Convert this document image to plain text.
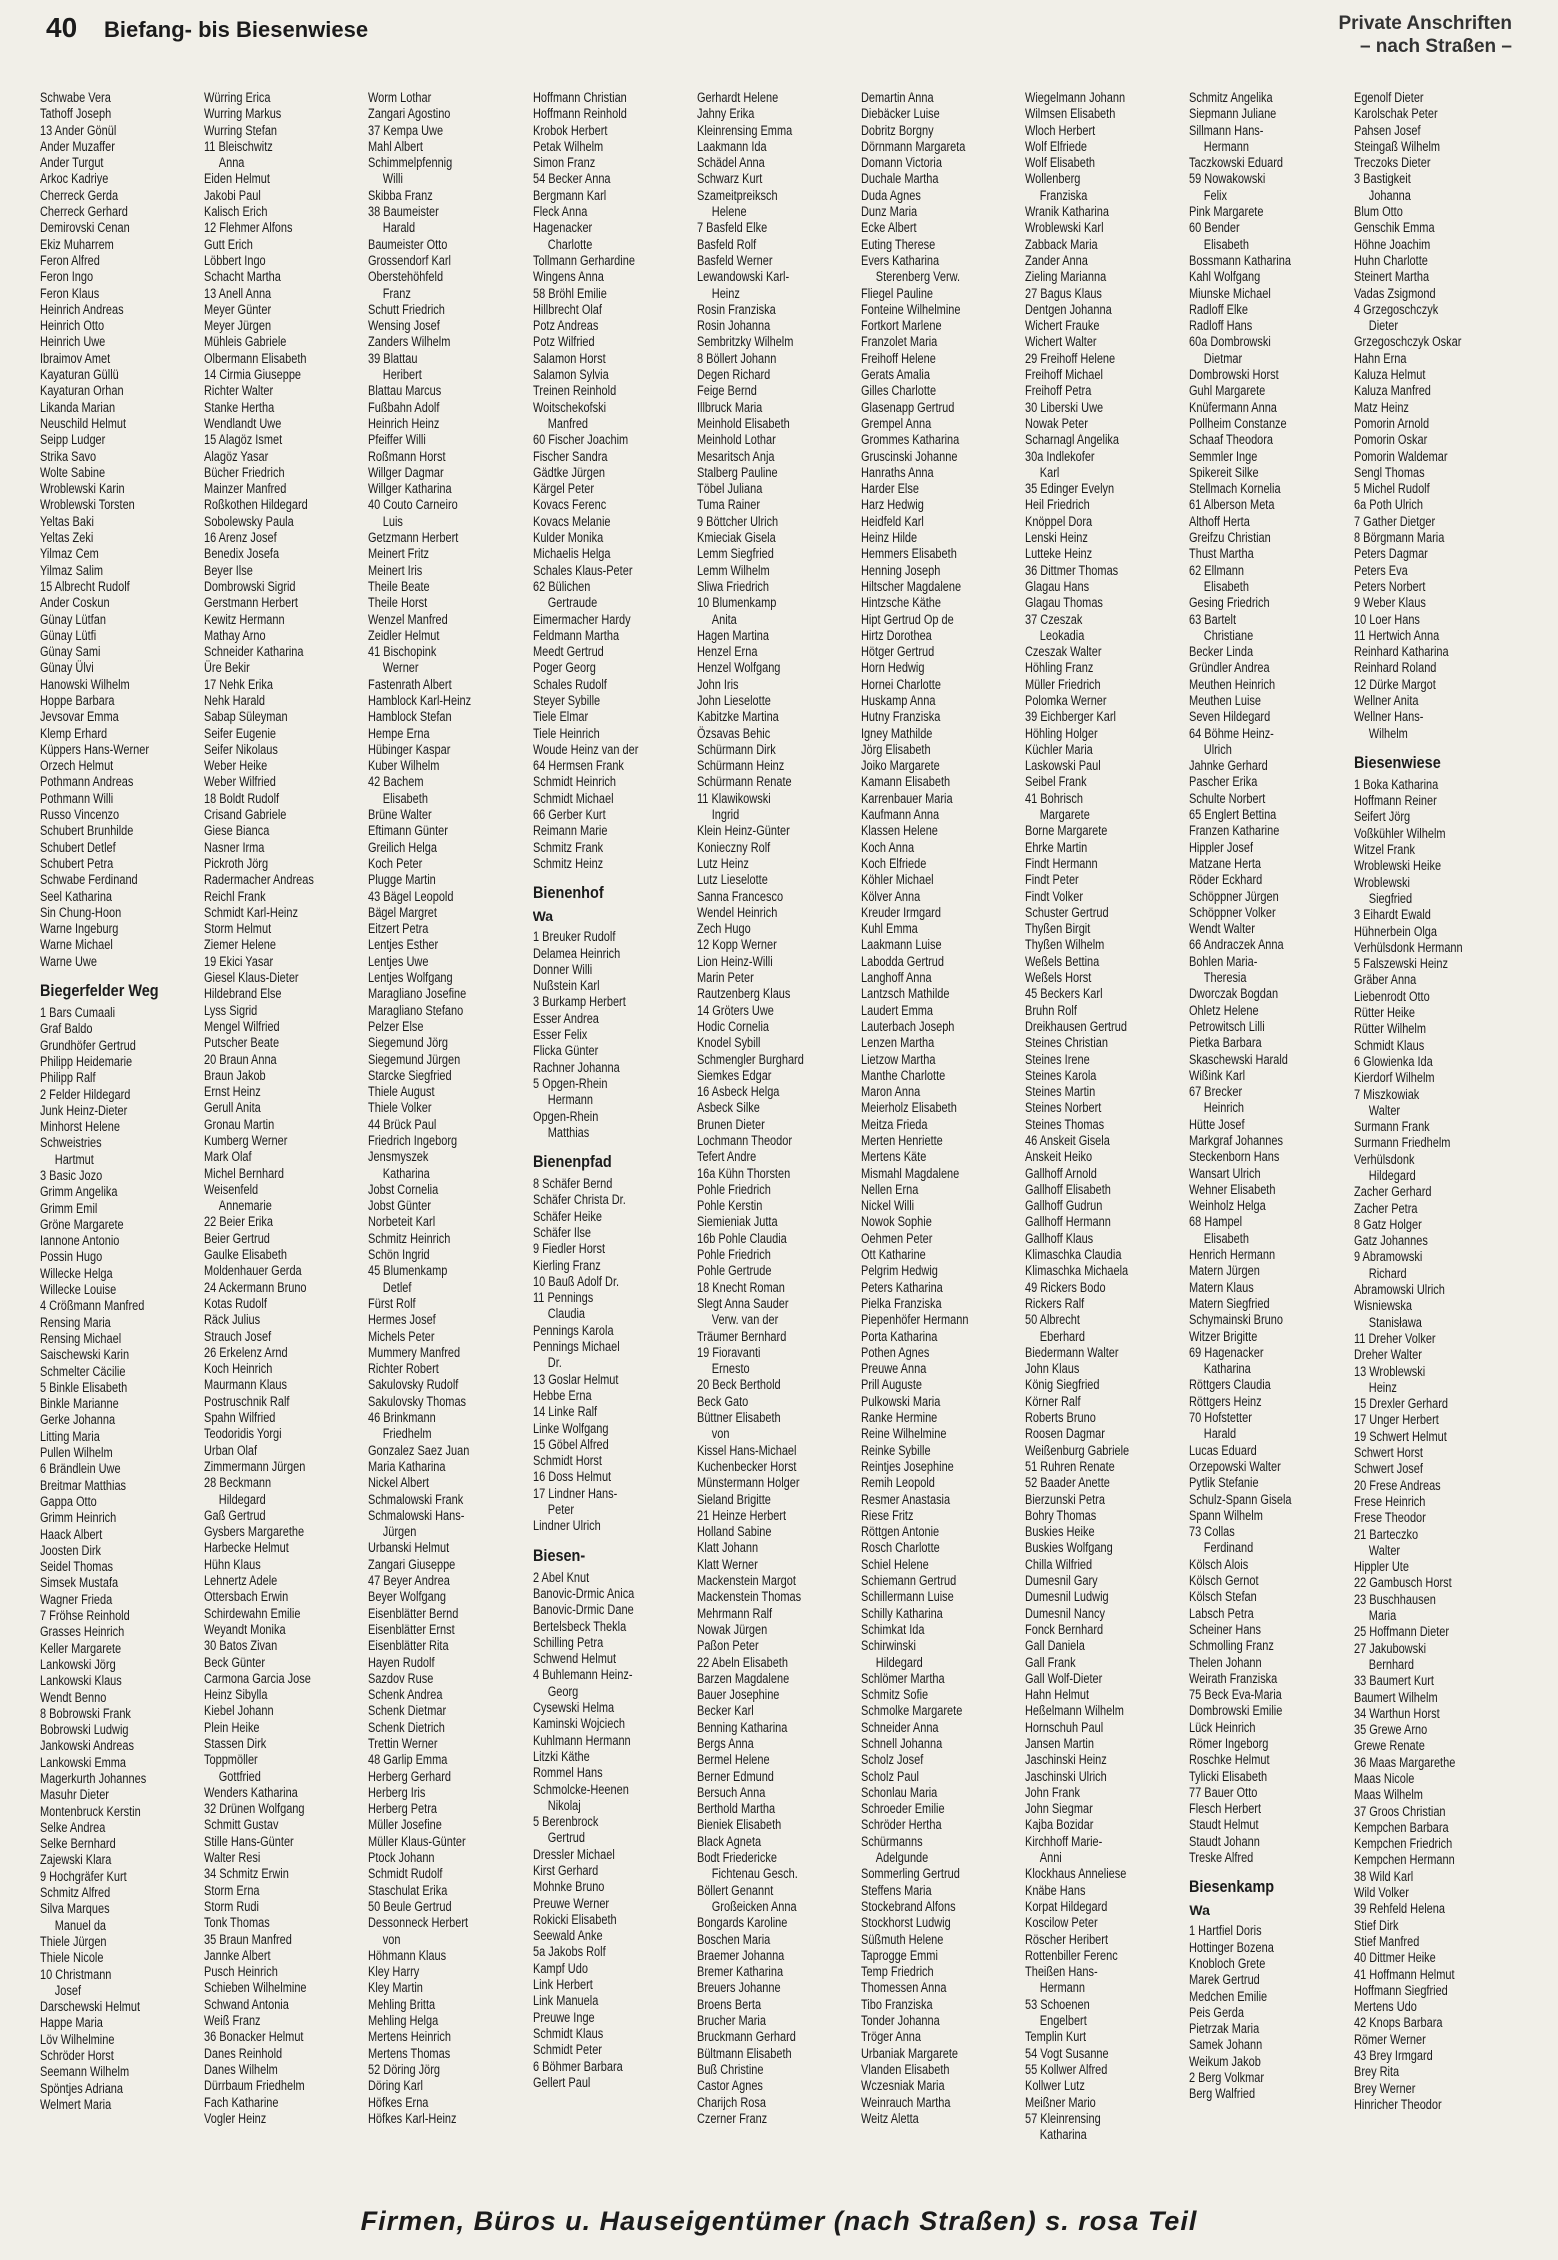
40 Biefang- bis Biesenwiese	Private Anschriften
– nach Straßen –
Schwabe Vera
Tathoff Joseph
13 Ander Gönül
Ander Muzaffer
Ander Turgut
Arkoc Kadriye
Cherreck Gerda
Cherreck Gerhard
Demirovski Cenan
Ekiz Muharrem
Feron Alfred
Feron Ingo
Feron Klaus
Heinrich Andreas
Heinrich Otto
Heinrich Uwe
Ibraimov Amet
Kayaturan Güllü
Kayaturan Orhan
Likanda Marian
Neuschild Helmut
Seipp Ludger
Strika Savo
Wolte Sabine
Wroblewski Karin
Wroblewski Torsten
Yeltas Baki
Yeltas Zeki
Yilmaz Cem
Yilmaz Salim
15 Albrecht Rudolf
Ander Coskun
Günay Lütfan
Günay Lütfi
Günay Sami
Günay Ülvi
Hanowski Wilhelm
Hoppe Barbara
Jevsovar Emma
Klemp Erhard
Küppers Hans-Werner
Orzech Helmut
Pothmann Andreas
Pothmann Willi
Russo Vincenzo
Schubert Brunhilde
Schubert Detlef
Schubert Petra
Schwabe Ferdinand
Seel Katharina
Sin Chung-Hoon
Warne Ingeburg
Warne Michael
Warne Uwe
Biegerfelder Weg
1 Bars Cumaali
Graf Baldo
Grundhöfer Gertrud
Philipp Heidemarie
Philipp Ralf
2 Felder Hildegard
Junk Heinz-Dieter
Minhorst Helene
Schweistries
Hartmut
3 Basic Jozo
Grimm Angelika
Grimm Emil
Gröne Margarete
Iannone Antonio
Possin Hugo
Willecke Helga
Willecke Louise
4 Crößmann Manfred
Rensing Maria
Rensing Michael
Saischewski Karin
Schmelter Cäcilie
5 Binkle Elisabeth
Binkle Marianne
Gerke Johanna
Litting Maria
Pullen Wilhelm
6 Brändlein Uwe
Breitmar Matthias
Gappa Otto
Grimm Heinrich
Haack Albert
Joosten Dirk
Seidel Thomas
Simsek Mustafa
Wagner Frieda
7 Fröhse Reinhold
Grasses Heinrich
Keller Margarete
Lankowski Jörg
Lankowski Klaus
Wendt Benno
8 Bobrowski Frank
Bobrowski Ludwig
Jankowski Andreas
Lankowski Emma
Magerkurth Johannes
Masuhr Dieter
Montenbruck Kerstin
Selke Andrea
Selke Bernhard
Zajewski Klara
9 Hochgräfer Kurt
Schmitz Alfred
Silva Marques
Manuel da
Thiele Jürgen
Thiele Nicole
10 Christmann
Josef
Darschewski Helmut
Happe Maria
Löv Wilhelmine
Schröder Horst
Seemann Wilhelm
Spöntjes Adriana
Welmert Maria
Würring Erica
Wurring Markus
Wurring Stefan
11 Bleischwitz
Anna
Eiden Helmut
Jakobi Paul
Kalisch Erich
12 Flehmer Alfons
Gutt Erich
Löbbert Ingo
Schacht Martha
13 Anell Anna
Meyer Günter
Meyer Jürgen
Mühleis Gabriele
Olbermann Elisabeth
14 Cirmia Giuseppe
Richter Walter
Stanke Hertha
Wendlandt Uwe
15 Alagöz Ismet
Alagöz Yasar
Bücher Friedrich
Mainzer Manfred
Roßkothen Hildegard
Sobolewsky Paula
16 Arenz Josef
Benedix Josefa
Beyer Ilse
Dombrowski Sigrid
Gerstmann Herbert
Kewitz Hermann
Mathay Arno
Schneider Katharina
Üre Bekir
17 Nehk Erika
Nehk Harald
Sabap Süleyman
Seifer Eugenie
Seifer Nikolaus
Weber Heike
Weber Wilfried
18 Boldt Rudolf
Crisand Gabriele
Giese Bianca
Nasner Irma
Pickroth Jörg
Radermacher Andreas
Reichl Frank
Schmidt Karl-Heinz
Storm Helmut
Ziemer Helene
19 Ekici Yasar
Giesel Klaus-Dieter
Hildebrand Else
Lyss Sigrid
Mengel Wilfried
Putscher Beate
20 Braun Anna
Braun Jakob
Ernst Heinz
Gerull Anita
Gronau Martin
Kumberg Werner
Mark Olaf
Michel Bernhard
Weisenfeld
Annemarie
22 Beier Erika
Beier Gertrud
Gaulke Elisabeth
Moldenhauer Gerda
24 Ackermann Bruno
Kotas Rudolf
Räck Julius
Strauch Josef
26 Erkelenz Arnd
Koch Heinrich
Maurmann Klaus
Postruschnik Ralf
Spahn Wilfried
Teodoridis Yorgi
Urban Olaf
Zimmermann Jürgen
28 Beckmann
Hildegard
Gaß Gertrud
Gysbers Margarethe
Harbecke Helmut
Hühn Klaus
Lehnertz Adele
Ottersbach Erwin
Schirdewahn Emilie
Weyandt Monika
30 Batos Zivan
Beck Günter
Carmona Garcia Jose
Heinz Sibylla
Kiebel Johann
Plein Heike
Stassen Dirk
Toppmöller
Gottfried
Wenders Katharina
32 Drünen Wolfgang
Schmitt Gustav
Stille Hans-Günter
Walter Resi
34 Schmitz Erwin
Storm Erna
Storm Rudi
Tonk Thomas
35 Braun Manfred
Jannke Albert
Pusch Heinrich
Schieben Wilhelmine
Schwand Antonia
Weiß Franz
36 Bonacker Helmut
Danes Reinhold
Danes Wilhelm
Dürrbaum Friedhelm
Fach Katharine
Vogler Heinz
Worm Lothar
Zangari Agostino
37 Kempa Uwe
Mahl Albert
Schimmelpfennig
Willi
Skibba Franz
38 Baumeister
Harald
Baumeister Otto
Grossendorf Karl
Oberstehöhfeld
Franz
Schutt Friedrich
Wensing Josef
Zanders Wilhelm
39 Blattau
Heribert
Blattau Marcus
Fußbahn Adolf
Heinrich Heinz
Pfeiffer Willi
Roßmann Horst
Willger Dagmar
Willger Katharina
40 Couto Carneiro
Luis
Getzmann Herbert
Meinert Fritz
Meinert Iris
Theile Beate
Theile Horst
Wenzel Manfred
Zeidler Helmut
41 Bischopink
Werner
Fastenrath Albert
Hamblock Karl-Heinz
Hamblock Stefan
Hempe Erna
Hübinger Kaspar
Kuber Wilhelm
42 Bachem
Elisabeth
Brüne Walter
Eftimann Günter
Greilich Helga
Koch Peter
Plugge Martin
43 Bägel Leopold
Bägel Margret
Eitzert Petra
Lentjes Esther
Lentjes Uwe
Lentjes Wolfgang
Maragliano Josefine
Maragliano Stefano
Pelzer Else
Siegemund Jörg
Siegemund Jürgen
Starcke Siegfried
Thiele August
Thiele Volker
44 Brück Paul
Friedrich Ingeborg
Jensmyszek
Katharina
Jobst Cornelia
Jobst Günter
Norbeteit Karl
Schmitz Heinrich
Schön Ingrid
45 Blumenkamp
Detlef
Fürst Rolf
Hermes Josef
Michels Peter
Mummery Manfred
Richter Robert
Sakulovsky Rudolf
Sakulovsky Thomas
46 Brinkmann
Friedhelm
Gonzalez Saez Juan
Maria Katharina
Nickel Albert
Schmalowski Frank
Schmalowski Hans-
Jürgen
Urbanski Helmut
Zangari Giuseppe
47 Beyer Andrea
Beyer Wolfgang
Eisenblätter Bernd
Eisenblätter Ernst
Eisenblätter Rita
Hayen Rudolf
Sazdov Ruse
Schenk Andrea
Schenk Dietmar
Schenk Dietrich
Trettin Werner
48 Garlip Emma
Herberg Gerhard
Herberg Iris
Herberg Petra
Müller Josefine
Müller Klaus-Günter
Ptock Johann
Schmidt Rudolf
Staschulat Erika
50 Beule Gertrud
Dessonneck Herbert
von
Höhmann Klaus
Kley Harry
Kley Martin
Mehling Britta
Mehling Helga
Mertens Heinrich
Mertens Thomas
52 Döring Jörg
Döring Karl
Höfkes Erna
Höfkes Karl-Heinz
Hoffmann Christian
Hoffmann Reinhold
Krobok Herbert
Petak Wilhelm
Simon Franz
54 Becker Anna
Bergmann Karl
Fleck Anna
Hagenacker
Charlotte
Tollmann Gerhardine
Wingens Anna
58 Bröhl Emilie
Hillbrecht Olaf
Potz Andreas
Potz Wilfried
Salamon Horst
Salamon Sylvia
Treinen Reinhold
Woitschekofski
Manfred
60 Fischer Joachim
Fischer Sandra
Gädtke Jürgen
Kärgel Peter
Kovacs Ferenc
Kovacs Melanie
Kulder Monika
Michaelis Helga
Schales Klaus-Peter
62 Bülichen
Gertraude
Eimermacher Hardy
Feldmann Martha
Meedt Gertrud
Poger Georg
Schales Rudolf
Steyer Sybille
Tiele Elmar
Tiele Heinrich
Woude Heinz van der
64 Hermsen Frank
Schmidt Heinrich
Schmidt Michael
66 Gerber Kurt
Reimann Marie
Schmitz Frank
Schmitz Heinz
Bienenhof
Wa
1 Breuker Rudolf
Delamea Heinrich
Donner Willi
Nußstein Karl
3 Burkamp Herbert
Esser Andrea
Esser Felix
Flicka Günter
Rachner Johanna
5 Opgen-Rhein
Hermann
Opgen-Rhein
Matthias
Bienenpfad
8 Schäfer Bernd
Schäfer Christa Dr.
Schäfer Heike
Schäfer Ilse
9 Fiedler Horst
Kierling Franz
10 Bauß Adolf Dr.
11 Pennings
Claudia
Pennings Karola
Pennings Michael
Dr.
13 Goslar Helmut
Hebbe Erna
14 Linke Ralf
Linke Wolfgang
15 Göbel Alfred
Schmidt Horst
16 Doss Helmut
17 Lindner Hans-
Peter
Lindner Ulrich
Biesen-
2 Abel Knut
Banovic-Drmic Anica
Banovic-Drmic Dane
Bertelsbeck Thekla
Schilling Petra
Schwend Helmut
4 Buhlemann Heinz-
Georg
Cysewski Helma
Kaminski Wojciech
Kuhlmann Hermann
Litzki Käthe
Rommel Hans
Schmolcke-Heenen
Nikolaj
5 Berenbrock
Gertrud
Dressler Michael
Kirst Gerhard
Mohnke Bruno
Preuwe Werner
Rokicki Elisabeth
Seewald Anke
5a Jakobs Rolf
Kampf Udo
Link Herbert
Link Manuela
Preuwe Inge
Schmidt Klaus
Schmidt Peter
6 Böhmer Barbara
Gellert Paul
Gerhardt Helene
Jahny Erika
Kleinrensing Emma
Laakmann Ida
Schädel Anna
Schwarz Kurt
Szameitpreiksch
Helene
7 Basfeld Elke
Basfeld Rolf
Basfeld Werner
Lewandowski Karl-
Heinz
Rosin Franziska
Rosin Johanna
Sembritzky Wilhelm
8 Böllert Johann
Degen Richard
Feige Bernd
Illbruck Maria
Meinhold Elisabeth
Meinhold Lothar
Mesaritsch Anja
Stalberg Pauline
Töbel Juliana
Tuma Rainer
9 Böttcher Ulrich
Kmieciak Gisela
Lemm Siegfried
Lemm Wilhelm
Sliwa Friedrich
10 Blumenkamp
Anita
Hagen Martina
Henzel Erna
Henzel Wolfgang
John Iris
John Lieselotte
Kabitzke Martina
Özsavas Behic
Schürmann Dirk
Schürmann Heinz
Schürmann Renate
11 Klawikowski
Ingrid
Klein Heinz-Günter
Konieczny Rolf
Lutz Heinz
Lutz Lieselotte
Sanna Francesco
Wendel Heinrich
Zech Hugo
12 Kopp Werner
Lion Heinz-Willi
Marin Peter
Rautzenberg Klaus
14 Gröters Uwe
Hodic Cornelia
Knodel Sybill
Schmengler Burghard
Siemkes Edgar
16 Asbeck Helga
Asbeck Silke
Brunen Dieter
Lochmann Theodor
Tefert Andre
16a Kühn Thorsten
Pohle Friedrich
Pohle Kerstin
Siemieniak Jutta
16b Pohle Claudia
Pohle Friedrich
Pohle Gertrude
18 Knecht Roman
Slegt Anna Sauder
Verw. van der
Träumer Bernhard
19 Fioravanti
Ernesto
20 Beck Berthold
Beck Gato
Büttner Elisabeth
von
Kissel Hans-Michael
Kuchenbecker Horst
Münstermann Holger
Sieland Brigitte
21 Heinze Herbert
Holland Sabine
Klatt Johann
Klatt Werner
Mackenstein Margot
Mackenstein Thomas
Mehrmann Ralf
Nowak Jürgen
Paßon Peter
22 Abeln Elisabeth
Barzen Magdalene
Bauer Josephine
Becker Karl
Benning Katharina
Bergs Anna
Bermel Helene
Berner Edmund
Bersuch Anna
Berthold Martha
Bieniek Elisabeth
Black Agneta
Bodt Friedericke
Fichtenau Gesch.
Böllert Genannt
Großeicken Anna
Bongards Karoline
Boschen Maria
Braemer Johanna
Bremer Katharina
Breuers Johanne
Broens Berta
Brucher Maria
Bruckmann Gerhard
Bültmann Elisabeth
Buß Christine
Castor Agnes
Charijch Rosa
Czerner Franz
Demartin Anna
Diebäcker Luise
Dobritz Borgny
Dörnmann Margareta
Domann Victoria
Duchale Martha
Duda Agnes
Dunz Maria
Ecke Albert
Euting Therese
Evers Katharina
Sterenberg Verw.
Fliegel Pauline
Fonteine Wilhelmine
Fortkort Marlene
Franzolet Maria
Freihoff Helene
Gerats Amalia
Gilles Charlotte
Glasenapp Gertrud
Grempel Anna
Grommes Katharina
Gruscinski Johanne
Hanraths Anna
Harder Else
Harz Hedwig
Heidfeld Karl
Heinz Hilde
Hemmers Elisabeth
Henning Joseph
Hiltscher Magdalene
Hintzsche Käthe
Hipt Gertrud Op de
Hirtz Dorothea
Hötger Gertrud
Horn Hedwig
Hornei Charlotte
Huskamp Anna
Hutny Franziska
Igney Mathilde
Jörg Elisabeth
Joiko Margarete
Kamann Elisabeth
Karrenbauer Maria
Kaufmann Anna
Klassen Helene
Koch Anna
Koch Elfriede
Köhler Michael
Kölver Anna
Kreuder Irmgard
Kuhl Emma
Laakmann Luise
Labodda Gertrud
Langhoff Anna
Lantzsch Mathilde
Laudert Emma
Lauterbach Joseph
Lenzen Martha
Lietzow Martha
Manthe Charlotte
Maron Anna
Meierholz Elisabeth
Meitza Frieda
Merten Henriette
Mertens Käte
Mismahl Magdalene
Nellen Erna
Nickel Willi
Nowok Sophie
Oehmen Peter
Ott Katharine
Pelgrim Hedwig
Peters Katharina
Pielka Franziska
Piepenhöfer Hermann
Porta Katharina
Pothen Agnes
Preuwe Anna
Prill Auguste
Pulkowski Maria
Ranke Hermine
Reine Wilhelmine
Reinke Sybille
Reintjes Josephine
Remih Leopold
Resmer Anastasia
Riese Fritz
Röttgen Antonie
Rosch Charlotte
Schiel Helene
Schiemann Gertrud
Schillermann Luise
Schilly Katharina
Schimkat Ida
Schirwinski
Hildegard
Schlömer Martha
Schmitz Sofie
Schmolke Margarete
Schneider Anna
Schnell Johanna
Scholz Josef
Scholz Paul
Schonlau Maria
Schroeder Emilie
Schröder Hertha
Schürmanns
Adelgunde
Sommerling Gertrud
Steffens Maria
Stockebrand Alfons
Stockhorst Ludwig
Süßmuth Helene
Taprogge Emmi
Temp Friedrich
Thomessen Anna
Tibo Franziska
Tonder Johanna
Tröger Anna
Urbaniak Margarete
Vlanden Elisabeth
Wczesniak Maria
Weinrauch Martha
Weitz Aletta
Wiegelmann Johann
Wilmsen Elisabeth
Wloch Herbert
Wolf Elfriede
Wolf Elisabeth
Wollenberg
Franziska
Wranik Katharina
Wroblewski Karl
Zabback Maria
Zander Anna
Zieling Marianna
27 Bagus Klaus
Dentgen Johanna
Wichert Frauke
Wichert Walter
29 Freihoff Helene
Freihoff Michael
Freihoff Petra
30 Liberski Uwe
Nowak Peter
Scharnagl Angelika
30a Indlekofer
Karl
35 Edinger Evelyn
Heil Friedrich
Knöppel Dora
Lenski Heinz
Lutteke Heinz
36 Dittmer Thomas
Glagau Hans
Glagau Thomas
37 Czeszak
Leokadia
Czeszak Walter
Höhling Franz
Müller Friedrich
Polomka Werner
39 Eichberger Karl
Höhling Holger
Küchler Maria
Laskowski Paul
Seibel Frank
41 Bohrisch
Margarete
Borne Margarete
Ehrke Martin
Findt Hermann
Findt Peter
Findt Volker
Schuster Gertrud
Thyßen Birgit
Thyßen Wilhelm
Weßels Bettina
Weßels Horst
45 Beckers Karl
Bruhn Rolf
Dreikhausen Gertrud
Steines Christian
Steines Irene
Steines Karola
Steines Martin
Steines Norbert
Steines Thomas
46 Anskeit Gisela
Anskeit Heiko
Gallhoff Arnold
Gallhoff Elisabeth
Gallhoff Gudrun
Gallhoff Hermann
Gallhoff Klaus
Klimaschka Claudia
Klimaschka Michaela
49 Rickers Bodo
Rickers Ralf
50 Albrecht
Eberhard
Biedermann Walter
John Klaus
König Siegfried
Körner Ralf
Roberts Bruno
Roosen Dagmar
Weißenburg Gabriele
51 Ruhren Renate
52 Baader Anette
Bierzunski Petra
Bohry Thomas
Buskies Heike
Buskies Wolfgang
Chilla Wilfried
Dumesnil Gary
Dumesnil Ludwig
Dumesnil Nancy
Fonck Bernhard
Gall Daniela
Gall Frank
Gall Wolf-Dieter
Hahn Helmut
Heßelmann Wilhelm
Hornschuh Paul
Jansen Martin
Jaschinski Heinz
Jaschinski Ulrich
John Frank
John Siegmar
Kajba Bozidar
Kirchhoff Marie-
Anni
Klockhaus Anneliese
Knäbe Hans
Korpat Hildegard
Koscilow Peter
Röscher Heribert
Rottenbiller Ferenc
Theißen Hans-
Hermann
53 Schoenen
Engelbert
Templin Kurt
54 Vogt Susanne
55 Kollwer Alfred
Kollwer Lutz
Meißner Mario
57 Kleinrensing
Katharina
Schmitz Angelika
Siepmann Juliane
Sillmann Hans-
Hermann
Taczkowski Eduard
59 Nowakowski
Felix
Pink Margarete
60 Bender
Elisabeth
Bossmann Katharina
Kahl Wolfgang
Miunske Michael
Radloff Elke
Radloff Hans
60a Dombrowski
Dietmar
Dombrowski Horst
Guhl Margarete
Knüfermann Anna
Pollheim Constanze
Schaaf Theodora
Semmler Inge
Spikereit Silke
Stellmach Kornelia
61 Alberson Meta
Althoff Herta
Greifzu Christian
Thust Martha
62 Ellmann
Elisabeth
Gesing Friedrich
63 Bartelt
Christiane
Becker Linda
Gründler Andrea
Meuthen Heinrich
Meuthen Luise
Seven Hildegard
64 Böhme Heinz-
Ulrich
Jahnke Gerhard
Pascher Erika
Schulte Norbert
65 Englert Bettina
Franzen Katharine
Hippler Josef
Matzane Herta
Röder Eckhard
Schöppner Jürgen
Schöppner Volker
Wendt Walter
66 Andraczek Anna
Bohlen Maria-
Theresia
Dworczak Bogdan
Ohletz Helene
Petrowitsch Lilli
Pietka Barbara
Skaschewski Harald
Wißink Karl
67 Brecker
Heinrich
Hütte Josef
Markgraf Johannes
Steckenborn Hans
Wansart Ulrich
Wehner Elisabeth
Weinholz Helga
68 Hampel
Elisabeth
Henrich Hermann
Matern Jürgen
Matern Klaus
Matern Siegfried
Schymainski Bruno
Witzer Brigitte
69 Hagenacker
Katharina
Röttgers Claudia
Röttgers Heinz
70 Hofstetter
Harald
Lucas Eduard
Orzepowski Walter
Pytlik Stefanie
Schulz-Spann Gisela
Spann Wilhelm
73 Collas
Ferdinand
Kölsch Alois
Kölsch Gernot
Kölsch Stefan
Labsch Petra
Scheiner Hans
Schmolling Franz
Thelen Johann
Weirath Franziska
75 Beck Eva-Maria
Dombrowski Emilie
Lück Heinrich
Römer Ingeborg
Roschke Helmut
Tylicki Elisabeth
77 Bauer Otto
Flesch Herbert
Staudt Helmut
Staudt Johann
Treske Alfred
Biesenkamp
Wa
1 Hartfiel Doris
Hottinger Bozena
Knobloch Grete
Marek Gertrud
Medchen Emilie
Peis Gerda
Pietrzak Maria
Samek Johann
Weikum Jakob
2 Berg Volkmar
Berg Walfried
Egenolf Dieter
Karolschak Peter
Pahsen Josef
Steingaß Wilhelm
Treczoks Dieter
3 Bastigkeit
Johanna
Blum Otto
Genschik Emma
Höhne Joachim
Huhn Charlotte
Steinert Martha
Vadas Zsigmond
4 Grzegoschczyk
Dieter
Grzegoschczyk Oskar
Hahn Erna
Kaluza Helmut
Kaluza Manfred
Matz Heinz
Pomorin Arnold
Pomorin Oskar
Pomorin Waldemar
Sengl Thomas
5 Michel Rudolf
6a Poth Ulrich
7 Gather Dietger
8 Börgmann Maria
Peters Dagmar
Peters Eva
Peters Norbert
9 Weber Klaus
10 Loer Hans
11 Hertwich Anna
Reinhard Katharina
Reinhard Roland
12 Dürke Margot
Wellner Anita
Wellner Hans-
Wilhelm
Biesenwiese
1 Boka Katharina
Hoffmann Reiner
Seifert Jörg
Voßkühler Wilhelm
Witzel Frank
Wroblewski Heike
Wroblewski
Siegfried
3 Eihardt Ewald
Hühnerbein Olga
Verhülsdonk Hermann
5 Falszewski Heinz
Gräber Anna
Liebenrodt Otto
Rütter Heike
Rütter Wilhelm
Schmidt Klaus
6 Glowienka Ida
Kierdorf Wilhelm
7 Miszkowiak
Walter
Surmann Frank
Surmann Friedhelm
Verhülsdonk
Hildegard
Zacher Gerhard
Zacher Petra
8 Gatz Holger
Gatz Johannes
9 Abramowski
Richard
Abramowski Ulrich
Wisniewska
Stanisława
11 Dreher Volker
Dreher Walter
13 Wroblewski
Heinz
15 Drexler Gerhard
17 Unger Herbert
19 Schwert Helmut
Schwert Horst
Schwert Josef
20 Frese Andreas
Frese Heinrich
Frese Theodor
21 Barteczko
Walter
Hippler Ute
22 Gambusch Horst
23 Buschhausen
Maria
25 Hoffmann Dieter
27 Jakubowski
Bernhard
33 Baumert Kurt
Baumert Wilhelm
34 Warthun Horst
35 Grewe Arno
Grewe Renate
36 Maas Margarethe
Maas Nicole
Maas Wilhelm
37 Groos Christian
Kempchen Barbara
Kempchen Friedrich
Kempchen Hermann
38 Wild Karl
Wild Volker
39 Rehfeld Helena
Stief Dirk
Stief Manfred
40 Dittmer Heike
41 Hoffmann Helmut
Hoffmann Siegfried
Mertens Udo
42 Knops Barbara
Römer Werner
43 Brey Irmgard
Brey Rita
Brey Werner
Hinricher Theodor
Firmen, Büros u. Hauseigentümer (nach Straßen) s. rosa Teil
